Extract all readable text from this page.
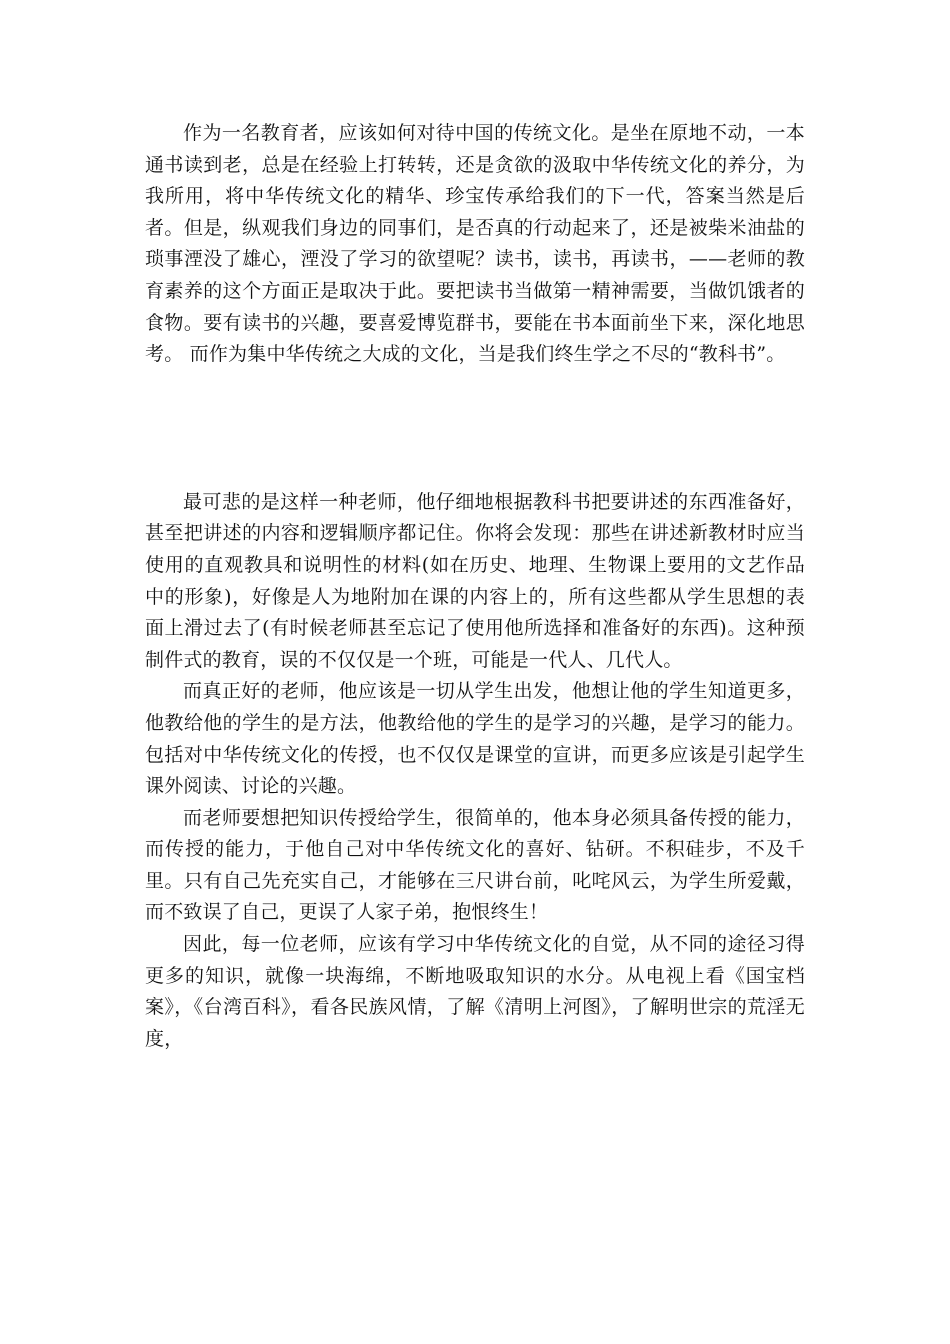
作为一名教育者，应该如何对待中国的传统文化。是坐在原地不动，一本通书读到老，总是在经验上打转转，还是贪欲的汲取中华传统文化的养分，为我所用，将中华传统文化的精华、珍宝传承给我们的下一代，答案当然是后者。但是，纵观我们身边的同事们，是否真的行动起来了，还是被柴米油盐的琐事湮没了雄心，湮没了学习的欲望呢？读书，读书，再读书，——老师的教育素养的这个方面正是取决于此。要把读书当做第一精神需要，当做饥饿者的食物。要有读书的兴趣，要喜爱博览群书，要能在书本面前坐下来，深化地思考。 而作为集中华传统之大成的文化，当是我们终生学之不尽的“教科书”。

最可悲的是这样一种老师，他仔细地根据教科书把要讲述的东西准备好，甚至把讲述的内容和逻辑顺序都记住。你将会发现：那些在讲述新教材时应当使用的直观教具和说明性的材料(如在历史、地理、生物课上要用的文艺作品中的形象)，好像是人为地附加在课的内容上的，所有这些都从学生思想的表面上滑过去了(有时候老师甚至忘记了使用他所选择和准备好的东西)。这种预制件式的教育，误的不仅仅是一个班，可能是一代人、几代人。

而真正好的老师，他应该是一切从学生出发，他想让他的学生知道更多，他教给他的学生的是方法，他教给他的学生的是学习的兴趣，是学习的能力。包括对中华传统文化的传授，也不仅仅是课堂的宣讲，而更多应该是引起学生课外阅读、讨论的兴趣。

而老师要想把知识传授给学生，很简单的，他本身必须具备传授的能力，而传授的能力，于他自己对中华传统文化的喜好、钻研。不积硅步，不及千里。只有自己先充实自己，才能够在三尺讲台前，叱咤风云，为学生所爱戴，而不致误了自己，更误了人家子弟，抱恨终生！

因此，每一位老师，应该有学习中华传统文化的自觉，从不同的途径习得更多的知识，就像一块海绵，不断地吸取知识的水分。从电视上看《国宝档案》，《台湾百科》，看各民族风情，了解《清明上河图》，了解明世宗的荒淫无度，
